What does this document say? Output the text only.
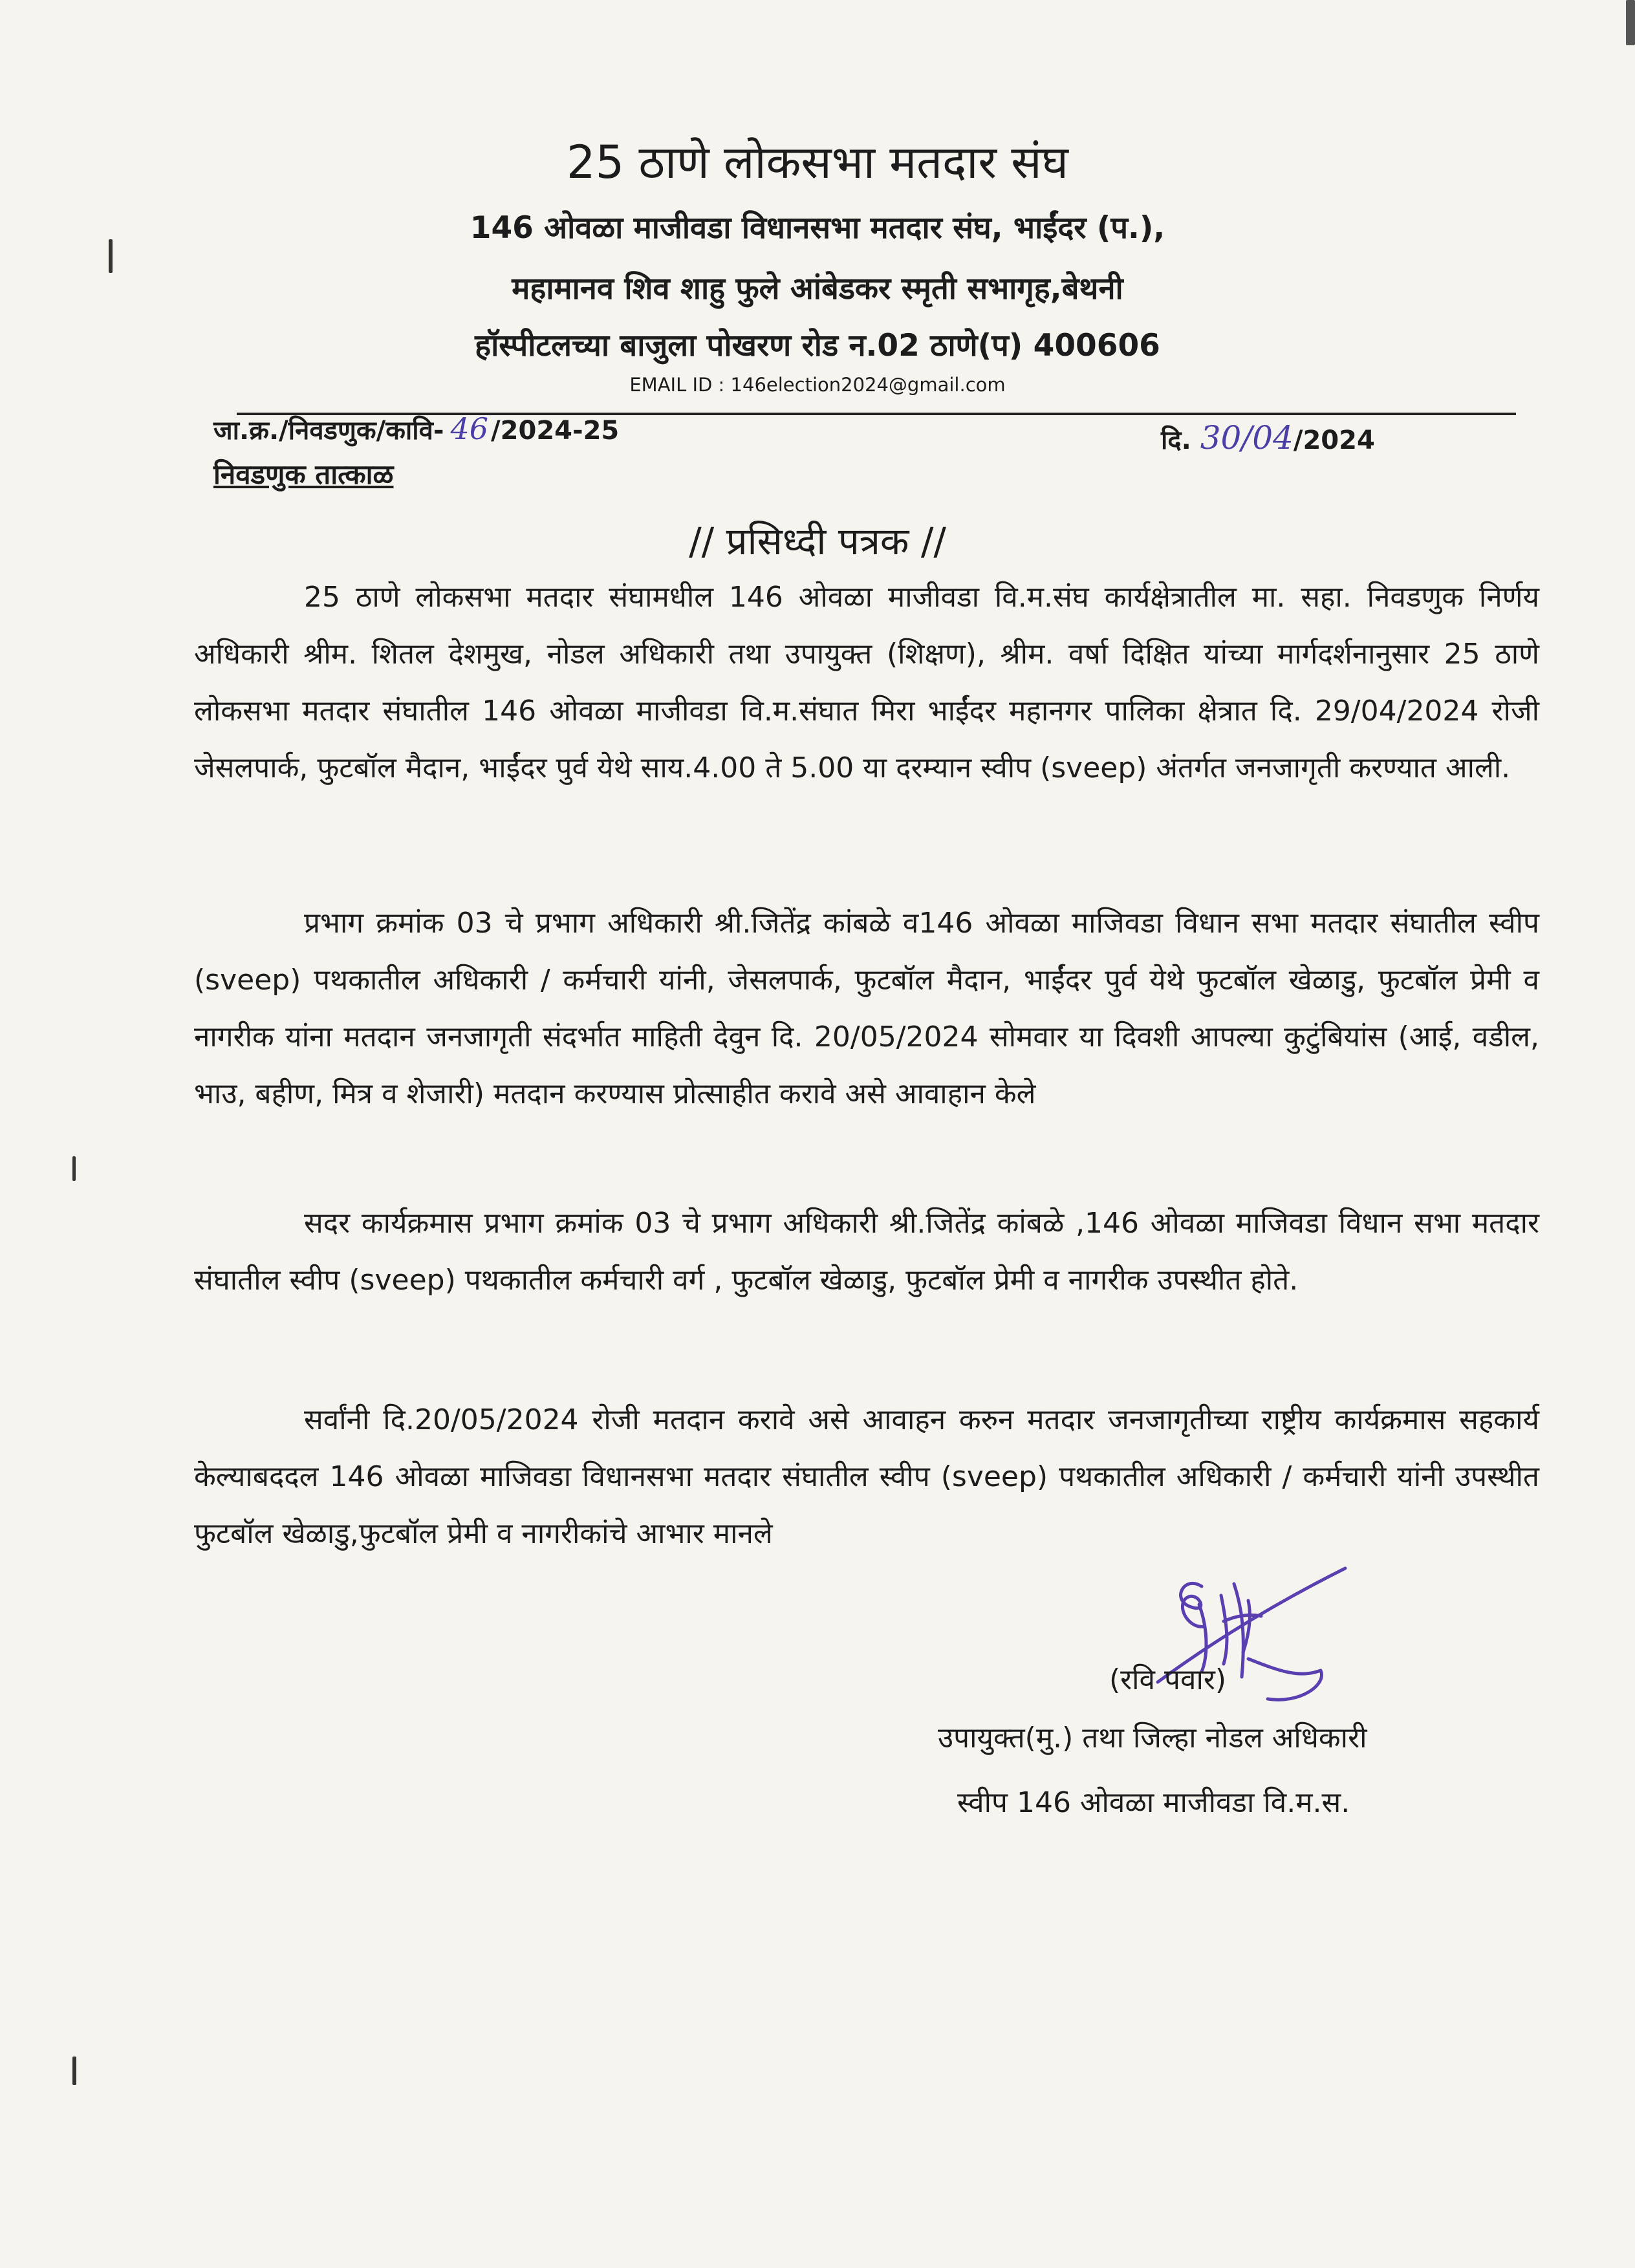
25 ठाणे लोकसभा मतदार संघ
146 ओवळा माजीवडा विधानसभा मतदार संघ, भाईंदर (प.),
महामानव शिव शाहु फुले आंबेडकर स्मृती सभागृह,बेथनी
हॉस्पीटलच्या बाजुला पोखरण रोड न.02 ठाणे(प) 400606
EMAIL ID : 146election2024@gmail.com
जा.क्र./निवडणुक/कावि- 46 /2024-25	दि. 30/04/2024
निवडणुक तात्काळ
// प्रसिध्दी पत्रक //
25 ठाणे लोकसभा मतदार संघामधील 146 ओवळा माजीवडा वि.म.संघ कार्यक्षेत्रातील मा. सहा. निवडणुक निर्णय अधिकारी श्रीम. शितल देशमुख, नोडल अधिकारी तथा उपायुक्त (शिक्षण), श्रीम. वर्षा दिक्षित यांच्या मार्गदर्शनानुसार 25 ठाणे लोकसभा मतदार संघातील 146 ओवळा माजीवडा वि.म.संघात मिरा भाईंदर महानगर पालिका क्षेत्रात दि. 29/04/2024 रोजी जेसलपार्क, फुटबॉल मैदान, भाईंदर पुर्व येथे साय.4.00 ते 5.00 या दरम्यान स्वीप (sveep) अंतर्गत जनजागृती करण्यात आली.
प्रभाग क्रमांक 03 चे प्रभाग अधिकारी श्री.जितेंद्र कांबळे व146 ओवळा माजिवडा विधान सभा मतदार संघातील स्वीप (sveep) पथकातील अधिकारी / कर्मचारी यांनी, जेसलपार्क, फुटबॉल मैदान, भाईंदर पुर्व येथे फुटबॉल खेळाडु, फुटबॉल प्रेमी व नागरीक यांना मतदान जनजागृती संदर्भात माहिती देवुन दि. 20/05/2024 सोमवार या दिवशी आपल्या कुटुंबियांस (आई, वडील, भाउ, बहीण, मित्र व शेजारी) मतदान करण्यास प्रोत्साहीत करावे असे आवाहान केले
सदर कार्यक्रमास प्रभाग क्रमांक 03 चे प्रभाग अधिकारी श्री.जितेंद्र कांबळे ,146 ओवळा माजिवडा विधान सभा मतदार संघातील स्वीप (sveep) पथकातील कर्मचारी वर्ग , फुटबॉल खेळाडु, फुटबॉल प्रेमी व नागरीक उपस्थीत होते.
सर्वांनी दि.20/05/2024 रोजी मतदान करावे असे आवाहन करुन मतदार जनजागृतीच्या राष्ट्रीय कार्यक्रमास सहकार्य केल्याबददल 146 ओवळा माजिवडा विधानसभा मतदार संघातील स्वीप (sveep) पथकातील अधिकारी / कर्मचारी यांनी उपस्थीत फुटबॉल खेळाडु,फुटबॉल प्रेमी व नागरीकांचे आभार मानले
(रवि पवार)
उपायुक्त(मु.) तथा जिल्हा नोडल अधिकारी
स्वीप 146 ओवळा माजीवडा वि.म.स.
